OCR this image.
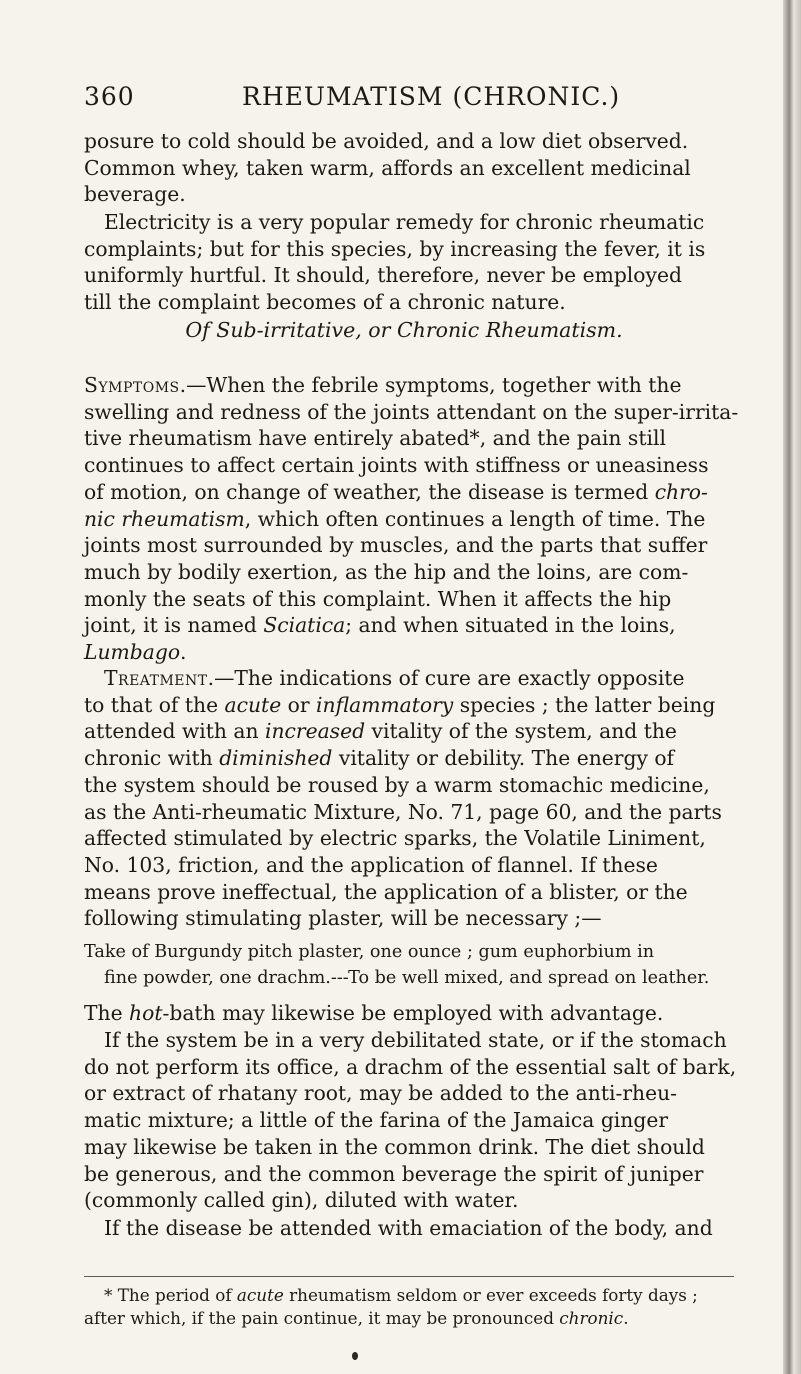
360	RHEUMATISM (CHRONIC.)
posure to cold should be avoided, and a low diet observed.
Common whey, taken warm, affords an excellent medicinal
beverage.
Electricity is a very popular remedy for chronic rheumatic
complaints; but for this species, by increasing the fever, it is
uniformly hurtful. It should, therefore, never be employed
till the complaint becomes of a chronic nature.
Of Sub-irritative, or Chronic Rheumatism.
Symptoms.—When the febrile symptoms, together with the
swelling and redness of the joints attendant on the super-irrita-
tive rheumatism have entirely abated*, and the pain still
continues to affect certain joints with stiffness or uneasiness
of motion, on change of weather, the disease is termed chro-
nic rheumatism, which often continues a length of time. The
joints most surrounded by muscles, and the parts that suffer
much by bodily exertion, as the hip and the loins, are com-
monly the seats of this complaint. When it affects the hip
joint, it is named Sciatica; and when situated in the loins,
Lumbago.
Treatment.—The indications of cure are exactly opposite
to that of the acute or inflammatory species ; the latter being
attended with an increased vitality of the system, and the
chronic with diminished vitality or debility. The energy of
the system should be roused by a warm stomachic medicine,
as the Anti-rheumatic Mixture, No. 71, page 60, and the parts
affected stimulated by electric sparks, the Volatile Liniment,
No. 103, friction, and the application of flannel. If these
means prove ineffectual, the application of a blister, or the
following stimulating plaster, will be necessary ;—
Take of Burgundy pitch plaster, one ounce ; gum euphorbium in
fine powder, one drachm.---To be well mixed, and spread on leather.
The hot-bath may likewise be employed with advantage.
If the system be in a very debilitated state, or if the stomach
do not perform its office, a drachm of the essential salt of bark,
or extract of rhatany root, may be added to the anti-rheu-
matic mixture; a little of the farina of the Jamaica ginger
may likewise be taken in the common drink. The diet should
be generous, and the common beverage the spirit of juniper
(commonly called gin), diluted with water.
If the disease be attended with emaciation of the body, and
* The period of acute rheumatism seldom or ever exceeds forty days ;
after which, if the pain continue, it may be pronounced chronic.
